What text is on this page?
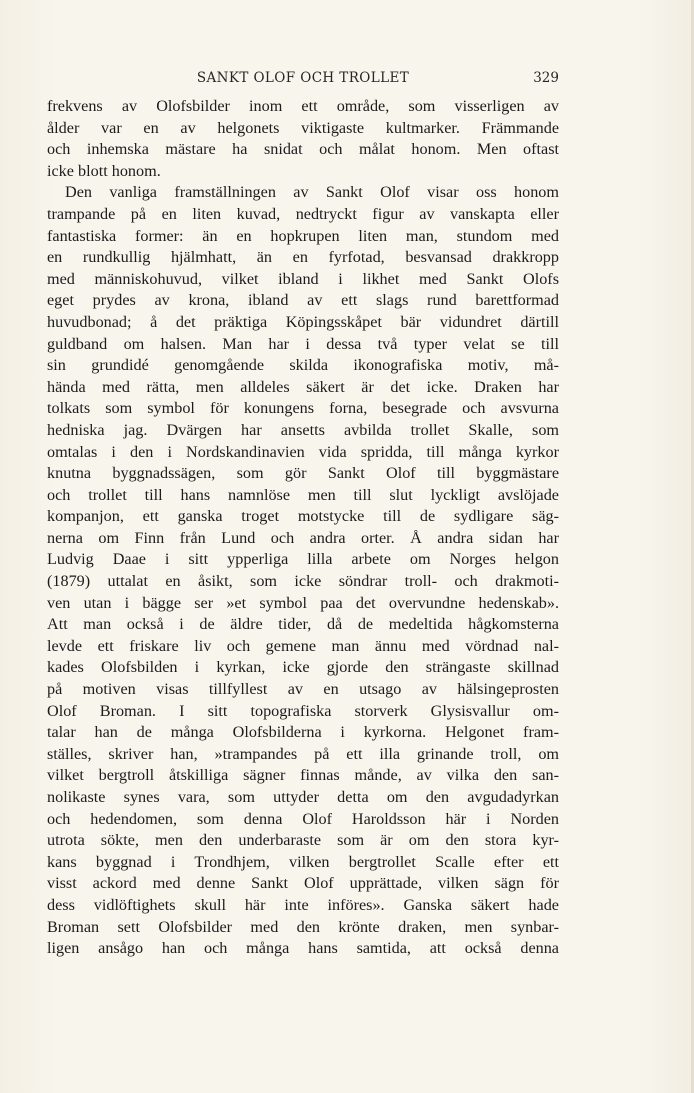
SANKT OLOF OCH TROLLET	329
frekvens av Olofsbilder inom ett område, som visserligen av
ålder var en av helgonets viktigaste kultmarker. Främmande
och inhemska mästare ha snidat och målat honom. Men oftast
icke blott honom.
Den vanliga framställningen av Sankt Olof visar oss honom
trampande på en liten kuvad, nedtryckt figur av vanskapta eller
fantastiska former: än en hopkrupen liten man, stundom med
en rundkullig hjälmhatt, än en fyrfotad, besvansad drakkropp
med människohuvud, vilket ibland i likhet med Sankt Olofs
eget prydes av krona, ibland av ett slags rund barettformad
huvudbonad; å det präktiga Köpingsskåpet bär vidundret därtill
guldband om halsen. Man har i dessa två typer velat se till
sin grundidé genomgående skilda ikonografiska motiv, må-
hända med rätta, men alldeles säkert är det icke. Draken har
tolkats som symbol för konungens forna, besegrade och avsvurna
hedniska jag. Dvärgen har ansetts avbilda trollet Skalle, som
omtalas i den i Nordskandinavien vida spridda, till många kyrkor
knutna byggnadssägen, som gör Sankt Olof till byggmästare
och trollet till hans namnlöse men till slut lyckligt avslöjade
kompanjon, ett ganska troget motstycke till de sydligare säg-
nerna om Finn från Lund och andra orter. Å andra sidan har
Ludvig Daae i sitt ypperliga lilla arbete om Norges helgon
(1879) uttalat en åsikt, som icke söndrar troll- och drakmoti-
ven utan i bägge ser »et symbol paa det overvundne hedenskab».
Att man också i de äldre tider, då de medeltida hågkomsterna
levde ett friskare liv och gemene man ännu med vördnad nal-
kades Olofsbilden i kyrkan, icke gjorde den strängaste skillnad
på motiven visas tillfyllest av en utsago av hälsingeprosten
Olof Broman. I sitt topografiska storverk Glysisvallur om-
talar han de många Olofsbilderna i kyrkorna. Helgonet fram-
ställes, skriver han, »trampandes på ett illa grinande troll, om
vilket bergtroll åtskilliga sägner finnas månde, av vilka den san-
nolikaste synes vara, som uttyder detta om den avgudadyrkan
och hedendomen, som denna Olof Haroldsson här i Norden
utrota sökte, men den underbaraste som är om den stora kyr-
kans byggnad i Trondhjem, vilken bergtrollet Scalle efter ett
visst ackord med denne Sankt Olof upprättade, vilken sägn för
dess vidlöftighets skull här inte införes». Ganska säkert hade
Broman sett Olofsbilder med den krönte draken, men synbar-
ligen ansågo han och många hans samtida, att också denna
